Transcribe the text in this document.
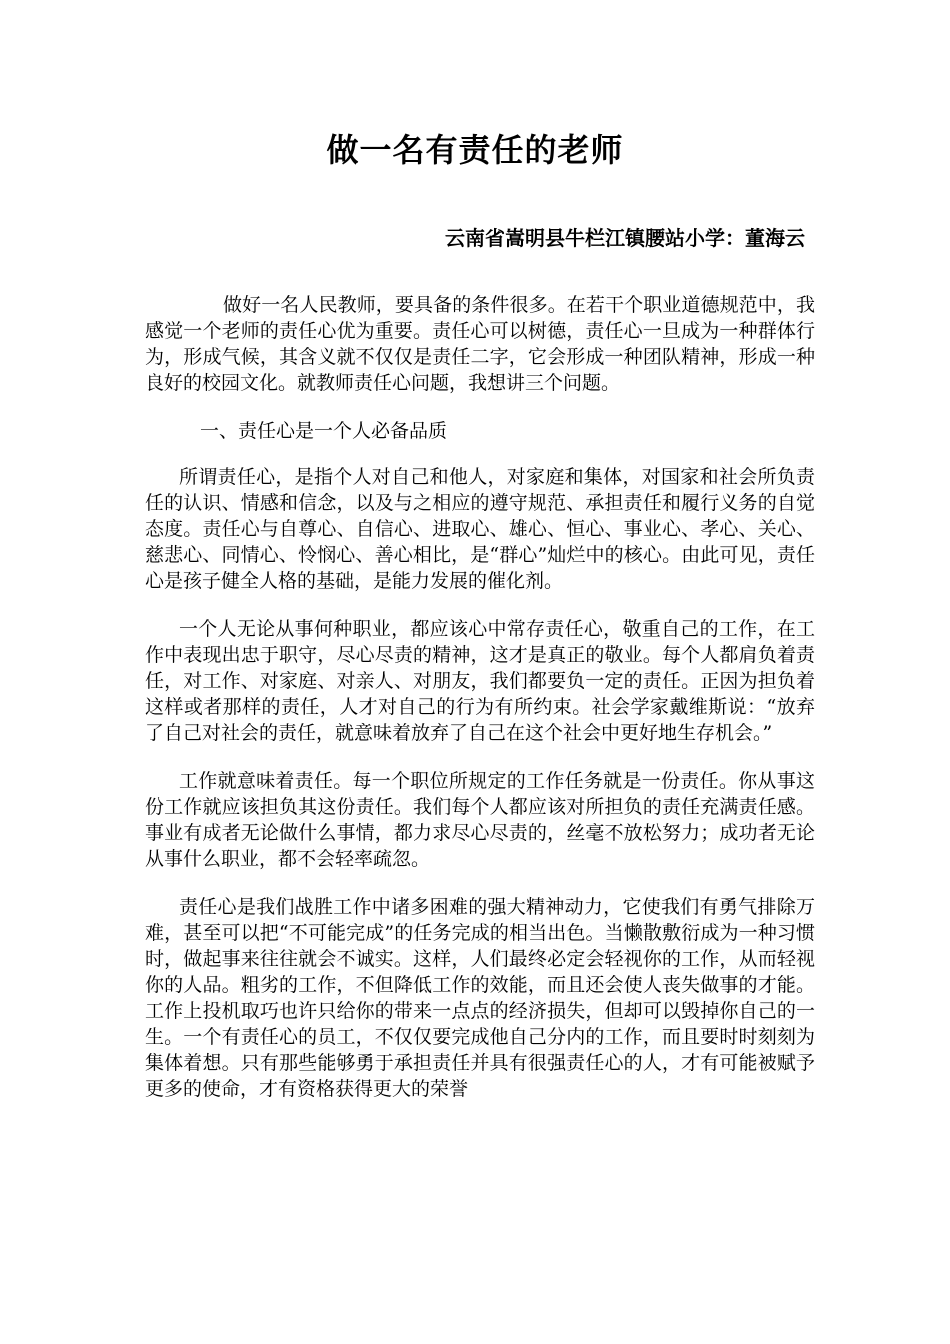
做一名有责任的老师
云南省嵩明县牛栏江镇腰站小学：董海云

做好一名人民教师，要具备的条件很多。在若干个职业道德规范中，我感觉一个老师的责任心优为重要。责任心可以树德，责任心一旦成为一种群体行为，形成气候，其含义就不仅仅是责任二字，它会形成一种团队精神，形成一种良好的校园文化。就教师责任心问题，我想讲三个问题。

一、责任心是一个人必备品质

所谓责任心，是指个人对自己和他人，对家庭和集体，对国家和社会所负责任的认识、情感和信念，以及与之相应的遵守规范、承担责任和履行义务的自觉态度。责任心与自尊心、自信心、进取心、雄心、恒心、事业心、孝心、关心、慈悲心、同情心、怜悯心、善心相比，是“群心”灿烂中的核心。由此可见，责任心是孩子健全人格的基础，是能力发展的催化剂。

一个人无论从事何种职业，都应该心中常存责任心，敬重自己的工作，在工作中表现出忠于职守，尽心尽责的精神，这才是真正的敬业。每个人都肩负着责任，对工作、对家庭、对亲人、对朋友，我们都要负一定的责任。正因为担负着这样或者那样的责任，人才对自己的行为有所约束。社会学家戴维斯说：“放弃了自己对社会的责任，就意味着放弃了自己在这个社会中更好地生存机会。”

工作就意味着责任。每一个职位所规定的工作任务就是一份责任。你从事这份工作就应该担负其这份责任。我们每个人都应该对所担负的责任充满责任感。事业有成者无论做什么事情，都力求尽心尽责的，丝毫不放松努力；成功者无论从事什么职业，都不会轻率疏忽。

责任心是我们战胜工作中诸多困难的强大精神动力，它使我们有勇气排除万难，甚至可以把“不可能完成”的任务完成的相当出色。当懒散敷衍成为一种习惯时，做起事来往往就会不诚实。这样，人们最终必定会轻视你的工作，从而轻视你的人品。粗劣的工作，不但降低工作的效能，而且还会使人丧失做事的才能。工作上投机取巧也许只给你的带来一点点的经济损失，但却可以毁掉你自己的一生。一个有责任心的员工，不仅仅要完成他自己分内的工作，而且要时时刻刻为集体着想。只有那些能够勇于承担责任并具有很强责任心的人，才有可能被赋予更多的使命，才有资格获得更大的荣誉
